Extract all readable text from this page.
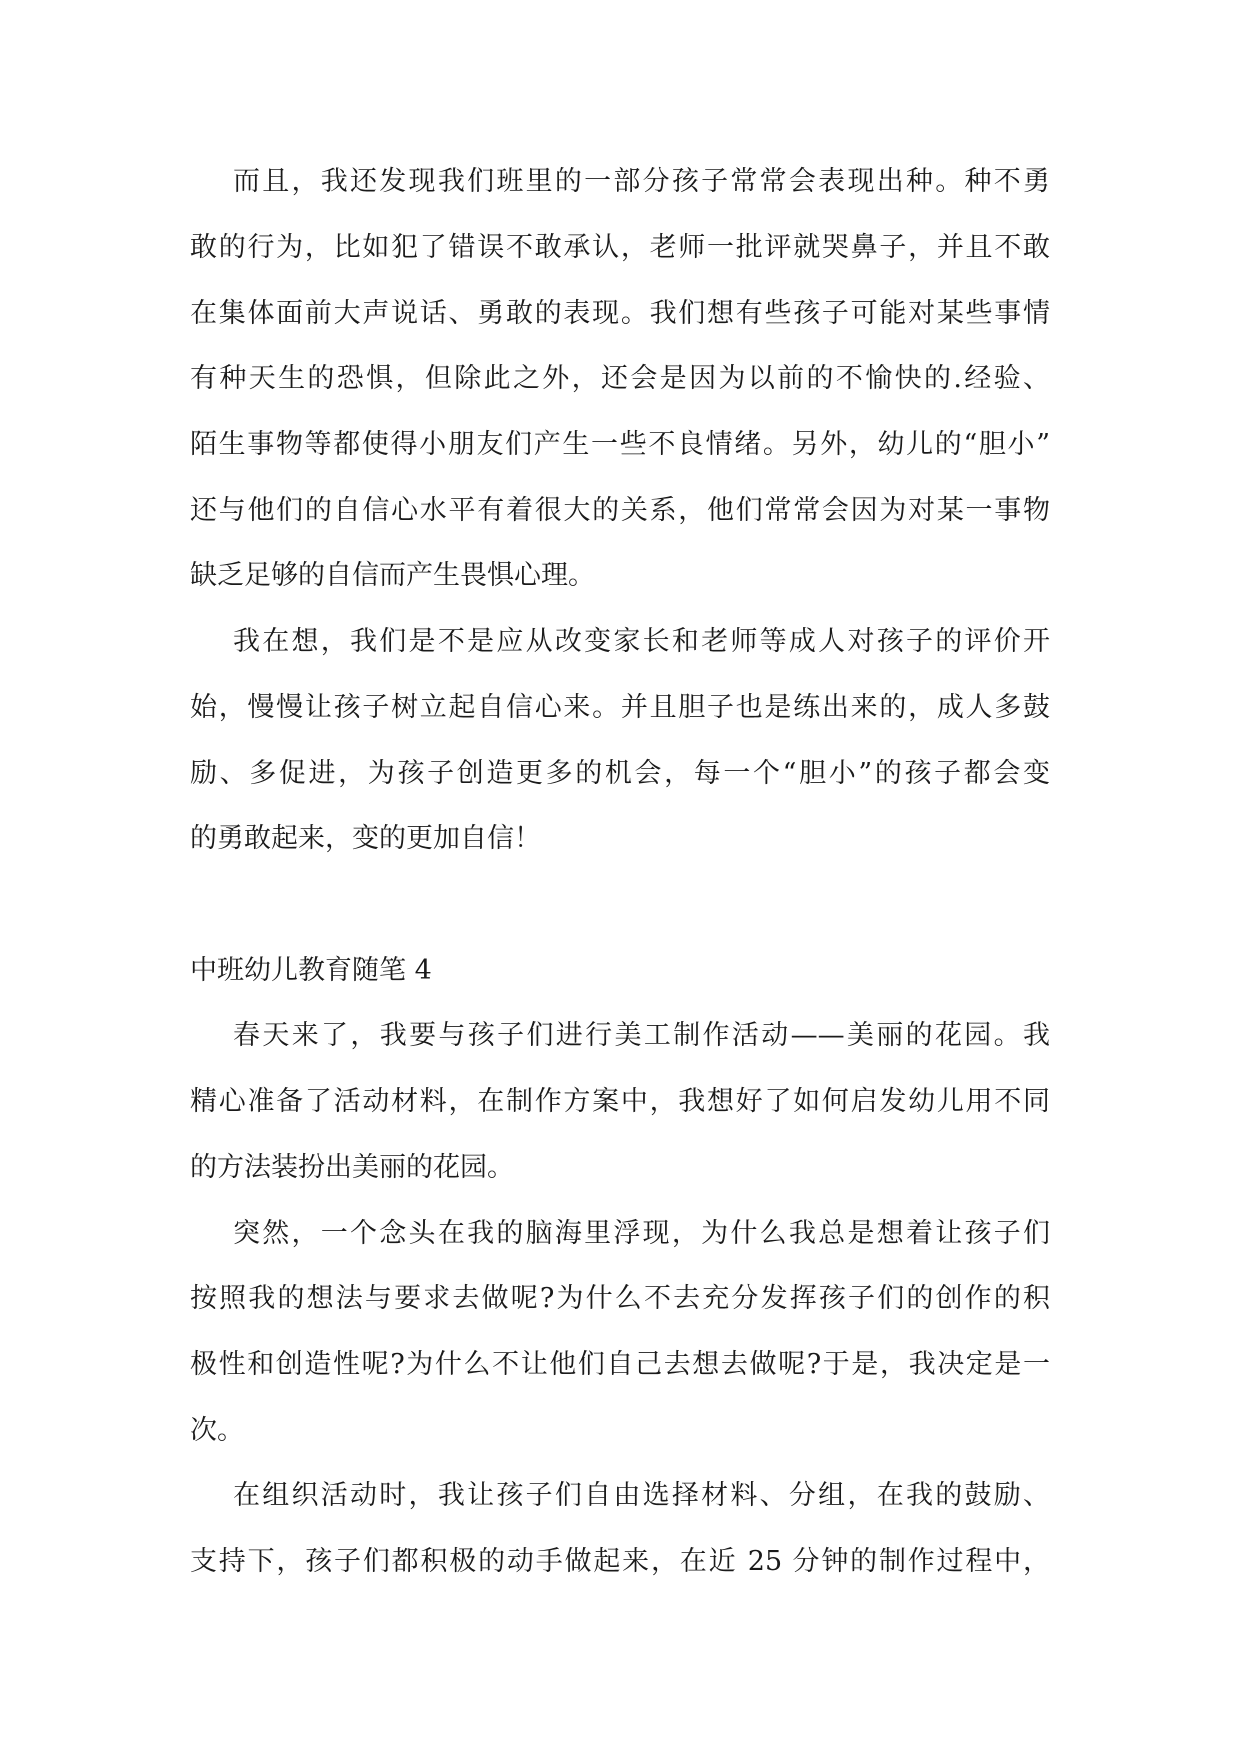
而且，我还发现我们班里的一部分孩子常常会表现出种。种不勇
敢的行为，比如犯了错误不敢承认，老师一批评就哭鼻子，并且不敢
在集体面前大声说话、勇敢的表现。我们想有些孩子可能对某些事情
有种天生的恐惧，但除此之外，还会是因为以前的不愉快的.经验、
陌生事物等都使得小朋友们产生一些不良情绪。另外，幼儿的“胆小”
还与他们的自信心水平有着很大的关系，他们常常会因为对某一事物
缺乏足够的自信而产生畏惧心理。
我在想，我们是不是应从改变家长和老师等成人对孩子的评价开
始，慢慢让孩子树立起自信心来。并且胆子也是练出来的，成人多鼓
励、多促进，为孩子创造更多的机会，每一个“胆小”的孩子都会变
的勇敢起来，变的更加自信！
中班幼儿教育随笔 4
春天来了，我要与孩子们进行美工制作活动——美丽的花园。我
精心准备了活动材料，在制作方案中，我想好了如何启发幼儿用不同
的方法装扮出美丽的花园。
突然，一个念头在我的脑海里浮现，为什么我总是想着让孩子们
按照我的想法与要求去做呢?为什么不去充分发挥孩子们的创作的积
极性和创造性呢?为什么不让他们自己去想去做呢?于是，我决定是一
次。
在组织活动时，我让孩子们自由选择材料、分组，在我的鼓励、
支持下，孩子们都积极的动手做起来，在近 25 分钟的制作过程中，
